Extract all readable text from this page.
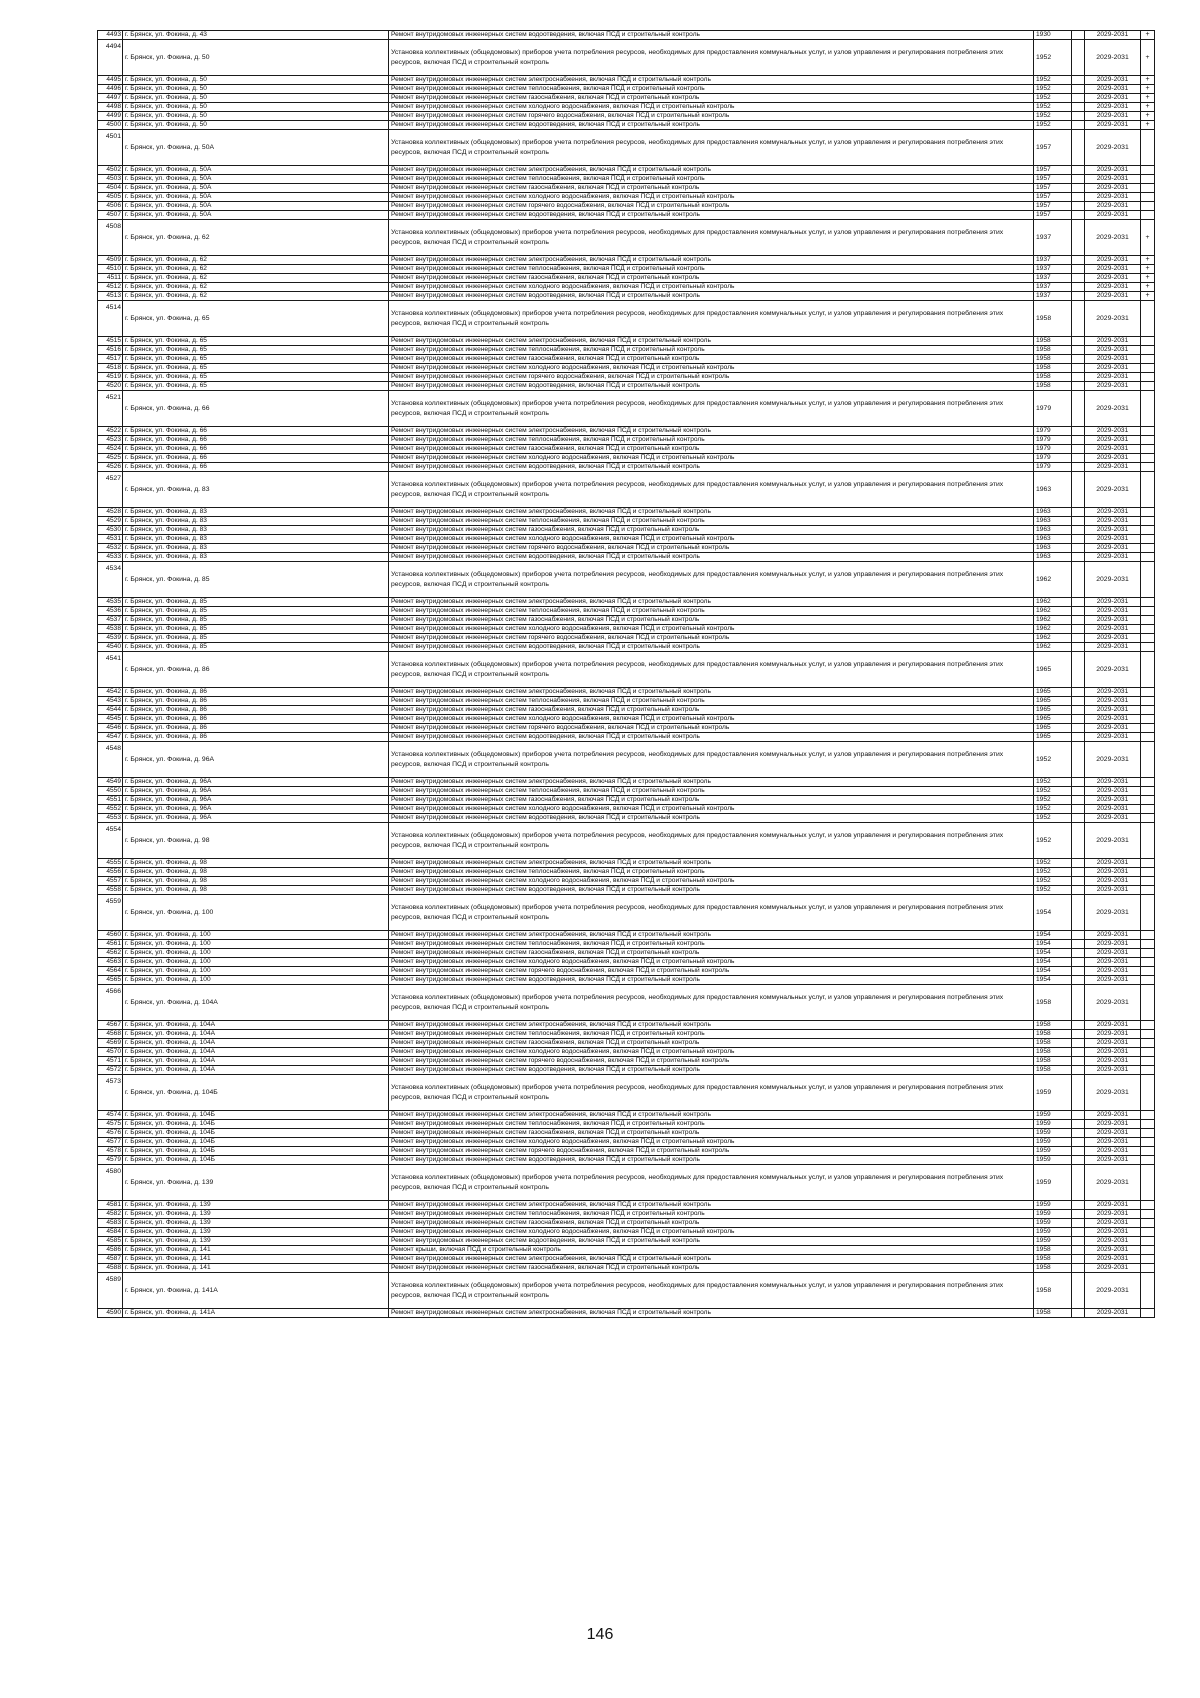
4493	г. Брянск, ул. Фокина, д. 43	Ремонт внутридомовых инженерных систем водоотведения, включая ПСД и строительный контроль	1930		2029-2031	+
4494	г. Брянск, ул. Фокина, д. 50	Установка коллективных (общедомовых) приборов учета потребления ресурсов, необходимых для предоставления коммунальных услуг, и узлов управления и регулирования потребления этих ресурсов, включая ПСД и строительный контроль	1952		2029-2031	+
4495	г. Брянск, ул. Фокина, д. 50	Ремонт внутридомовых инженерных систем электроснабжения, включая ПСД и строительный контроль	1952		2029-2031	+
4496	г. Брянск, ул. Фокина, д. 50	Ремонт внутридомовых инженерных систем теплоснабжения, включая ПСД и строительный контроль	1952		2029-2031	+
4497	г. Брянск, ул. Фокина, д. 50	Ремонт внутридомовых инженерных систем газоснабжения, включая ПСД и строительный контроль	1952		2029-2031	+
4498	г. Брянск, ул. Фокина, д. 50	Ремонт внутридомовых инженерных систем холодного водоснабжения, включая ПСД и строительный контроль	1952		2029-2031	+
4499	г. Брянск, ул. Фокина, д. 50	Ремонт внутридомовых инженерных систем горячего водоснабжения, включая ПСД и строительный контроль	1952		2029-2031	+
4500	г. Брянск, ул. Фокина, д. 50	Ремонт внутридомовых инженерных систем водоотведения, включая ПСД и строительный контроль	1952		2029-2031	+
4501	г. Брянск, ул. Фокина, д. 50А	Установка коллективных (общедомовых) приборов учета потребления ресурсов, необходимых для предоставления коммунальных услуг, и узлов управления и регулирования потребления этих ресурсов, включая ПСД и строительный контроль	1957		2029-2031	
4502	г. Брянск, ул. Фокина, д. 50А	Ремонт внутридомовых инженерных систем электроснабжения, включая ПСД и строительный контроль	1957		2029-2031	
4503	г. Брянск, ул. Фокина, д. 50А	Ремонт внутридомовых инженерных систем теплоснабжения, включая ПСД и строительный контроль	1957		2029-2031	
4504	г. Брянск, ул. Фокина, д. 50А	Ремонт внутридомовых инженерных систем газоснабжения, включая ПСД и строительный контроль	1957		2029-2031	
4505	г. Брянск, ул. Фокина, д. 50А	Ремонт внутридомовых инженерных систем холодного водоснабжения, включая ПСД и строительный контроль	1957		2029-2031	
4506	г. Брянск, ул. Фокина, д. 50А	Ремонт внутридомовых инженерных систем горячего водоснабжения, включая ПСД и строительный контроль	1957		2029-2031	
4507	г. Брянск, ул. Фокина, д. 50А	Ремонт внутридомовых инженерных систем водоотведения, включая ПСД и строительный контроль	1957		2029-2031	
4508	г. Брянск, ул. Фокина, д. 62	Установка коллективных (общедомовых) приборов учета потребления ресурсов, необходимых для предоставления коммунальных услуг, и узлов управления и регулирования потребления этих ресурсов, включая ПСД и строительный контроль	1937		2029-2031	+
4509	г. Брянск, ул. Фокина, д. 62	Ремонт внутридомовых инженерных систем электроснабжения, включая ПСД и строительный контроль	1937		2029-2031	+
4510	г. Брянск, ул. Фокина, д. 62	Ремонт внутридомовых инженерных систем теплоснабжения, включая ПСД и строительный контроль	1937		2029-2031	+
4511	г. Брянск, ул. Фокина, д. 62	Ремонт внутридомовых инженерных систем газоснабжения, включая ПСД и строительный контроль	1937		2029-2031	+
4512	г. Брянск, ул. Фокина, д. 62	Ремонт внутридомовых инженерных систем холодного водоснабжения, включая ПСД и строительный контроль	1937		2029-2031	+
4513	г. Брянск, ул. Фокина, д. 62	Ремонт внутридомовых инженерных систем водоотведения, включая ПСД и строительный контроль	1937		2029-2031	+
4514	г. Брянск, ул. Фокина, д. 65	Установка коллективных (общедомовых) приборов учета потребления ресурсов, необходимых для предоставления коммунальных услуг, и узлов управления и регулирования потребления этих ресурсов, включая ПСД и строительный контроль	1958		2029-2031	
4515	г. Брянск, ул. Фокина, д. 65	Ремонт внутридомовых инженерных систем электроснабжения, включая ПСД и строительный контроль	1958		2029-2031	
4516	г. Брянск, ул. Фокина, д. 65	Ремонт внутридомовых инженерных систем теплоснабжения, включая ПСД и строительный контроль	1958		2029-2031	
4517	г. Брянск, ул. Фокина, д. 65	Ремонт внутридомовых инженерных систем газоснабжения, включая ПСД и строительный контроль	1958		2029-2031	
4518	г. Брянск, ул. Фокина, д. 65	Ремонт внутридомовых инженерных систем холодного водоснабжения, включая ПСД и строительный контроль	1958		2029-2031	
4519	г. Брянск, ул. Фокина, д. 65	Ремонт внутридомовых инженерных систем горячего водоснабжения, включая ПСД и строительный контроль	1958		2029-2031	
4520	г. Брянск, ул. Фокина, д. 65	Ремонт внутридомовых инженерных систем водоотведения, включая ПСД и строительный контроль	1958		2029-2031	
4521	г. Брянск, ул. Фокина, д. 66	Установка коллективных (общедомовых) приборов учета потребления ресурсов, необходимых для предоставления коммунальных услуг, и узлов управления и регулирования потребления этих ресурсов, включая ПСД и строительный контроль	1979		2029-2031	
4522	г. Брянск, ул. Фокина, д. 66	Ремонт внутридомовых инженерных систем электроснабжения, включая ПСД и строительный контроль	1979		2029-2031	
4523	г. Брянск, ул. Фокина, д. 66	Ремонт внутридомовых инженерных систем теплоснабжения, включая ПСД и строительный контроль	1979		2029-2031	
4524	г. Брянск, ул. Фокина, д. 66	Ремонт внутридомовых инженерных систем газоснабжения, включая ПСД и строительный контроль	1979		2029-2031	
4525	г. Брянск, ул. Фокина, д. 66	Ремонт внутридомовых инженерных систем холодного водоснабжения, включая ПСД и строительный контроль	1979		2029-2031	
4526	г. Брянск, ул. Фокина, д. 66	Ремонт внутридомовых инженерных систем водоотведения, включая ПСД и строительный контроль	1979		2029-2031	
4527	г. Брянск, ул. Фокина, д. 83	Установка коллективных (общедомовых) приборов учета потребления ресурсов, необходимых для предоставления коммунальных услуг, и узлов управления и регулирования потребления этих ресурсов, включая ПСД и строительный контроль	1963		2029-2031	
4528	г. Брянск, ул. Фокина, д. 83	Ремонт внутридомовых инженерных систем электроснабжения, включая ПСД и строительный контроль	1963		2029-2031	
4529	г. Брянск, ул. Фокина, д. 83	Ремонт внутридомовых инженерных систем теплоснабжения, включая ПСД и строительный контроль	1963		2029-2031	
4530	г. Брянск, ул. Фокина, д. 83	Ремонт внутридомовых инженерных систем газоснабжения, включая ПСД и строительный контроль	1963		2029-2031	
4531	г. Брянск, ул. Фокина, д. 83	Ремонт внутридомовых инженерных систем холодного водоснабжения, включая ПСД и строительный контроль	1963		2029-2031	
4532	г. Брянск, ул. Фокина, д. 83	Ремонт внутридомовых инженерных систем горячего водоснабжения, включая ПСД и строительный контроль	1963		2029-2031	
4533	г. Брянск, ул. Фокина, д. 83	Ремонт внутридомовых инженерных систем водоотведения, включая ПСД и строительный контроль	1963		2029-2031	
4534	г. Брянск, ул. Фокина, д. 85	Установка коллективных (общедомовых) приборов учета потребления ресурсов, необходимых для предоставления коммунальных услуг, и узлов управления и регулирования потребления этих ресурсов, включая ПСД и строительный контроль	1962		2029-2031	
4535	г. Брянск, ул. Фокина, д. 85	Ремонт внутридомовых инженерных систем электроснабжения, включая ПСД и строительный контроль	1962		2029-2031	
4536	г. Брянск, ул. Фокина, д. 85	Ремонт внутридомовых инженерных систем теплоснабжения, включая ПСД и строительный контроль	1962		2029-2031	
4537	г. Брянск, ул. Фокина, д. 85	Ремонт внутридомовых инженерных систем газоснабжения, включая ПСД и строительный контроль	1962		2029-2031	
4538	г. Брянск, ул. Фокина, д. 85	Ремонт внутридомовых инженерных систем холодного водоснабжения, включая ПСД и строительный контроль	1962		2029-2031	
4539	г. Брянск, ул. Фокина, д. 85	Ремонт внутридомовых инженерных систем горячего водоснабжения, включая ПСД и строительный контроль	1962		2029-2031	
4540	г. Брянск, ул. Фокина, д. 85	Ремонт внутридомовых инженерных систем водоотведения, включая ПСД и строительный контроль	1962		2029-2031	
4541	г. Брянск, ул. Фокина, д. 86	Установка коллективных (общедомовых) приборов учета потребления ресурсов, необходимых для предоставления коммунальных услуг, и узлов управления и регулирования потребления этих ресурсов, включая ПСД и строительный контроль	1965		2029-2031	
4542	г. Брянск, ул. Фокина, д. 86	Ремонт внутридомовых инженерных систем электроснабжения, включая ПСД и строительный контроль	1965		2029-2031	
4543	г. Брянск, ул. Фокина, д. 86	Ремонт внутридомовых инженерных систем теплоснабжения, включая ПСД и строительный контроль	1965		2029-2031	
4544	г. Брянск, ул. Фокина, д. 86	Ремонт внутридомовых инженерных систем газоснабжения, включая ПСД и строительный контроль	1965		2029-2031	
4545	г. Брянск, ул. Фокина, д. 86	Ремонт внутридомовых инженерных систем холодного водоснабжения, включая ПСД и строительный контроль	1965		2029-2031	
4546	г. Брянск, ул. Фокина, д. 86	Ремонт внутридомовых инженерных систем горячего водоснабжения, включая ПСД и строительный контроль	1965		2029-2031	
4547	г. Брянск, ул. Фокина, д. 86	Ремонт внутридомовых инженерных систем водоотведения, включая ПСД и строительный контроль	1965		2029-2031	
4548	г. Брянск, ул. Фокина, д. 96А	Установка коллективных (общедомовых) приборов учета потребления ресурсов, необходимых для предоставления коммунальных услуг, и узлов управления и регулирования потребления этих ресурсов, включая ПСД и строительный контроль	1952		2029-2031	
4549	г. Брянск, ул. Фокина, д. 96А	Ремонт внутридомовых инженерных систем электроснабжения, включая ПСД и строительный контроль	1952		2029-2031	
4550	г. Брянск, ул. Фокина, д. 96А	Ремонт внутридомовых инженерных систем теплоснабжения, включая ПСД и строительный контроль	1952		2029-2031	
4551	г. Брянск, ул. Фокина, д. 96А	Ремонт внутридомовых инженерных систем газоснабжения, включая ПСД и строительный контроль	1952		2029-2031	
4552	г. Брянск, ул. Фокина, д. 96А	Ремонт внутридомовых инженерных систем холодного водоснабжения, включая ПСД и строительный контроль	1952		2029-2031	
4553	г. Брянск, ул. Фокина, д. 96А	Ремонт внутридомовых инженерных систем водоотведения, включая ПСД и строительный контроль	1952		2029-2031	
4554	г. Брянск, ул. Фокина, д. 98	Установка коллективных (общедомовых) приборов учета потребления ресурсов, необходимых для предоставления коммунальных услуг, и узлов управления и регулирования потребления этих ресурсов, включая ПСД и строительный контроль	1952		2029-2031	
4555	г. Брянск, ул. Фокина, д. 98	Ремонт внутридомовых инженерных систем электроснабжения, включая ПСД и строительный контроль	1952		2029-2031	
4556	г. Брянск, ул. Фокина, д. 98	Ремонт внутридомовых инженерных систем теплоснабжения, включая ПСД и строительный контроль	1952		2029-2031	
4557	г. Брянск, ул. Фокина, д. 98	Ремонт внутридомовых инженерных систем холодного водоснабжения, включая ПСД и строительный контроль	1952		2029-2031	
4558	г. Брянск, ул. Фокина, д. 98	Ремонт внутридомовых инженерных систем водоотведения, включая ПСД и строительный контроль	1952		2029-2031	
4559	г. Брянск, ул. Фокина, д. 100	Установка коллективных (общедомовых) приборов учета потребления ресурсов, необходимых для предоставления коммунальных услуг, и узлов управления и регулирования потребления этих ресурсов, включая ПСД и строительный контроль	1954		2029-2031	
4560	г. Брянск, ул. Фокина, д. 100	Ремонт внутридомовых инженерных систем электроснабжения, включая ПСД и строительный контроль	1954		2029-2031	
4561	г. Брянск, ул. Фокина, д. 100	Ремонт внутридомовых инженерных систем теплоснабжения, включая ПСД и строительный контроль	1954		2029-2031	
4562	г. Брянск, ул. Фокина, д. 100	Ремонт внутридомовых инженерных систем газоснабжения, включая ПСД и строительный контроль	1954		2029-2031	
4563	г. Брянск, ул. Фокина, д. 100	Ремонт внутридомовых инженерных систем холодного водоснабжения, включая ПСД и строительный контроль	1954		2029-2031	
4564	г. Брянск, ул. Фокина, д. 100	Ремонт внутридомовых инженерных систем горячего водоснабжения, включая ПСД и строительный контроль	1954		2029-2031	
4565	г. Брянск, ул. Фокина, д. 100	Ремонт внутридомовых инженерных систем водоотведения, включая ПСД и строительный контроль	1954		2029-2031	
4566	г. Брянск, ул. Фокина, д. 104А	Установка коллективных (общедомовых) приборов учета потребления ресурсов, необходимых для предоставления коммунальных услуг, и узлов управления и регулирования потребления этих ресурсов, включая ПСД и строительный контроль	1958		2029-2031	
4567	г. Брянск, ул. Фокина, д. 104А	Ремонт внутридомовых инженерных систем электроснабжения, включая ПСД и строительный контроль	1958		2029-2031	
4568	г. Брянск, ул. Фокина, д. 104А	Ремонт внутридомовых инженерных систем теплоснабжения, включая ПСД и строительный контроль	1958		2029-2031	
4569	г. Брянск, ул. Фокина, д. 104А	Ремонт внутридомовых инженерных систем газоснабжения, включая ПСД и строительный контроль	1958		2029-2031	
4570	г. Брянск, ул. Фокина, д. 104А	Ремонт внутридомовых инженерных систем холодного водоснабжения, включая ПСД и строительный контроль	1958		2029-2031	
4571	г. Брянск, ул. Фокина, д. 104А	Ремонт внутридомовых инженерных систем горячего водоснабжения, включая ПСД и строительный контроль	1958		2029-2031	
4572	г. Брянск, ул. Фокина, д. 104А	Ремонт внутридомовых инженерных систем водоотведения, включая ПСД и строительный контроль	1958		2029-2031	
4573	г. Брянск, ул. Фокина, д. 104Б	Установка коллективных (общедомовых) приборов учета потребления ресурсов, необходимых для предоставления коммунальных услуг, и узлов управления и регулирования потребления этих ресурсов, включая ПСД и строительный контроль	1959		2029-2031	
4574	г. Брянск, ул. Фокина, д. 104Б	Ремонт внутридомовых инженерных систем электроснабжения, включая ПСД и строительный контроль	1959		2029-2031	
4575	г. Брянск, ул. Фокина, д. 104Б	Ремонт внутридомовых инженерных систем теплоснабжения, включая ПСД и строительный контроль	1959		2029-2031	
4576	г. Брянск, ул. Фокина, д. 104Б	Ремонт внутридомовых инженерных систем газоснабжения, включая ПСД и строительный контроль	1959		2029-2031	
4577	г. Брянск, ул. Фокина, д. 104Б	Ремонт внутридомовых инженерных систем холодного водоснабжения, включая ПСД и строительный контроль	1959		2029-2031	
4578	г. Брянск, ул. Фокина, д. 104Б	Ремонт внутридомовых инженерных систем горячего водоснабжения, включая ПСД и строительный контроль	1959		2029-2031	
4579	г. Брянск, ул. Фокина, д. 104Б	Ремонт внутридомовых инженерных систем водоотведения, включая ПСД и строительный контроль	1959		2029-2031	
4580	г. Брянск, ул. Фокина, д. 139	Установка коллективных (общедомовых) приборов учета потребления ресурсов, необходимых для предоставления коммунальных услуг, и узлов управления и регулирования потребления этих ресурсов, включая ПСД и строительный контроль	1959		2029-2031	
4581	г. Брянск, ул. Фокина, д. 139	Ремонт внутридомовых инженерных систем электроснабжения, включая ПСД и строительный контроль	1959		2029-2031	
4582	г. Брянск, ул. Фокина, д. 139	Ремонт внутридомовых инженерных систем теплоснабжения, включая ПСД и строительный контроль	1959		2029-2031	
4583	г. Брянск, ул. Фокина, д. 139	Ремонт внутридомовых инженерных систем газоснабжения, включая ПСД и строительный контроль	1959		2029-2031	
4584	г. Брянск, ул. Фокина, д. 139	Ремонт внутридомовых инженерных систем холодного водоснабжения, включая ПСД и строительный контроль	1959		2029-2031	
4585	г. Брянск, ул. Фокина, д. 139	Ремонт внутридомовых инженерных систем водоотведения, включая ПСД и строительный контроль	1959		2029-2031	
4586	г. Брянск, ул. Фокина, д. 141	Ремонт крыши, включая ПСД и строительный контроль	1958		2029-2031	
4587	г. Брянск, ул. Фокина, д. 141	Ремонт внутридомовых инженерных систем электроснабжения, включая ПСД и строительный контроль	1958		2029-2031	
4588	г. Брянск, ул. Фокина, д. 141	Ремонт внутридомовых инженерных систем газоснабжения, включая ПСД и строительный контроль	1958		2029-2031	
4589	г. Брянск, ул. Фокина, д. 141А	Установка коллективных (общедомовых) приборов учета потребления ресурсов, необходимых для предоставления коммунальных услуг, и узлов управления и регулирования потребления этих ресурсов, включая ПСД и строительный контроль	1958		2029-2031	
4590	г. Брянск, ул. Фокина, д. 141А	Ремонт внутридомовых инженерных систем электроснабжения, включая ПСД и строительный контроль	1958		2029-2031	
146
